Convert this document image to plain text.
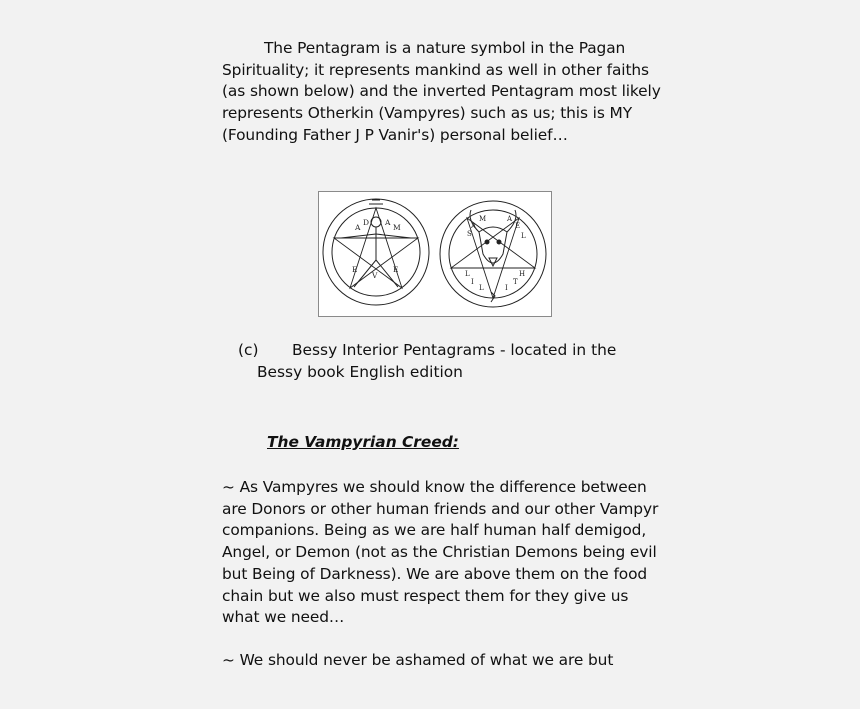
The Pentagram is a nature symbol in the Pagan
Spirituality; it represents mankind as well in other faiths
(as shown below) and the inverted Pentagram most likely
represents Otherkin (Vampyres) such as us; this is MY
(Founding Father J P Vanir's) personal belief…
A
D A
M
E
V
E
S
A
M	A
E
L
L
I
L	I
T
H
(c) Bessy Interior Pentagrams - located in the
Bessy book English edition
The Vampyrian Creed:
~ As Vampyres we should know the difference between
are Donors or other human friends and our other Vampyr
companions. Being as we are half human half demigod,
Angel, or Demon (not as the Christian Demons being evil
but Being of Darkness). We are above them on the food
chain but we also must respect them for they give us
what we need…
~ We should never be ashamed of what we are but
